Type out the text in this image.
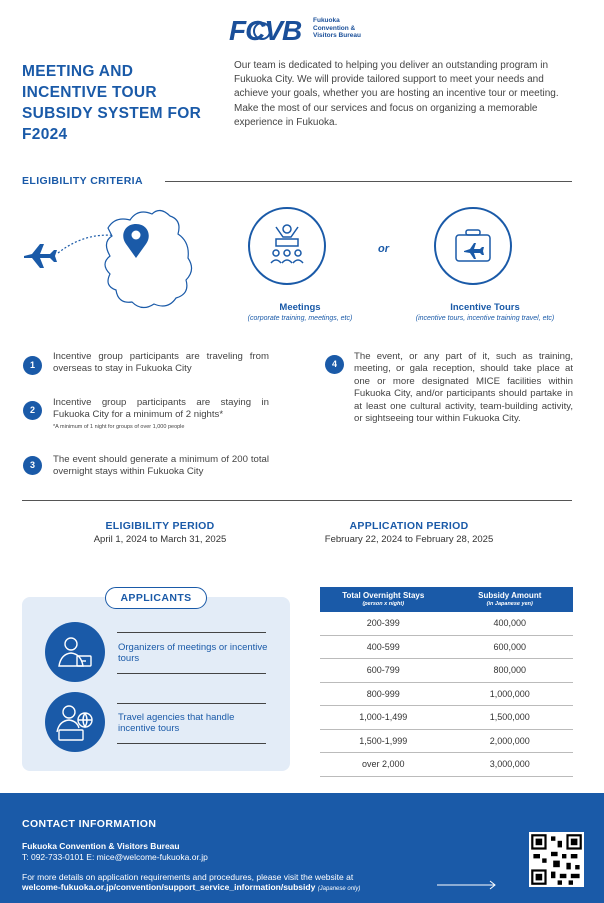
FCVB Fukuoka
Convention &
Visitors Bureau
MEETING AND INCENTIVE TOUR SUBSIDY SYSTEM FOR F2024
Our team is dedicated to helping you deliver an outstanding program in Fukuoka City. We will provide tailored support to meet your needs and achieve your goals, whether you are hosting an incentive tour or meeting. Make the most of our services and focus on organizing a memorable experience in Fukuoka.
ELIGIBILITY CRITERIA
or
Meetings
(corporate training, meetings, etc)
Incentive Tours
(incentive tours, incentive training travel, etc)
1
Incentive group participants are traveling from overseas to stay in Fukuoka City
2
Incentive group participants are staying in Fukuoka City for a minimum of 2 nights*
*A minimum of 1 night for groups of over 1,000 people
3	The event should generate a minimum of 200 total overnight stays within Fukuoka City
4
The event, or any part of it, such as training, meeting, or gala reception, should take place at one or more designated MICE facilities within Fukuoka City, and/or participants should partake in at least one cultural activity, team-building activity, or sightseeing tour within Fukuoka City.
ELIGIBILITY PERIOD
April 1, 2024 to March 31, 2025
APPLICATION PERIOD
February 22, 2024 to February 28, 2025
APPLICANTS
Organizers of meetings or incentive tours
Travel agencies that handle incentive tours
Total Overnight Stays
(person x night)	Subsidy Amount
(in Japanese yen)

200-399	400,000
400-599	600,000
600-799	800,000
800-999	1,000,000
1,000-1,499	1,500,000
1,500-1,999	2,000,000
over 2,000	3,000,000
CONTACT INFORMATION
Fukuoka Convention & Visitors Bureau
T: 092-733-0101 E: mice@welcome-fukuoka.or.jp
For more details on application requirements and procedures, please visit the website at
welcome-fukuoka.or.jp/convention/support_service_information/subsidy (Japanese only)
